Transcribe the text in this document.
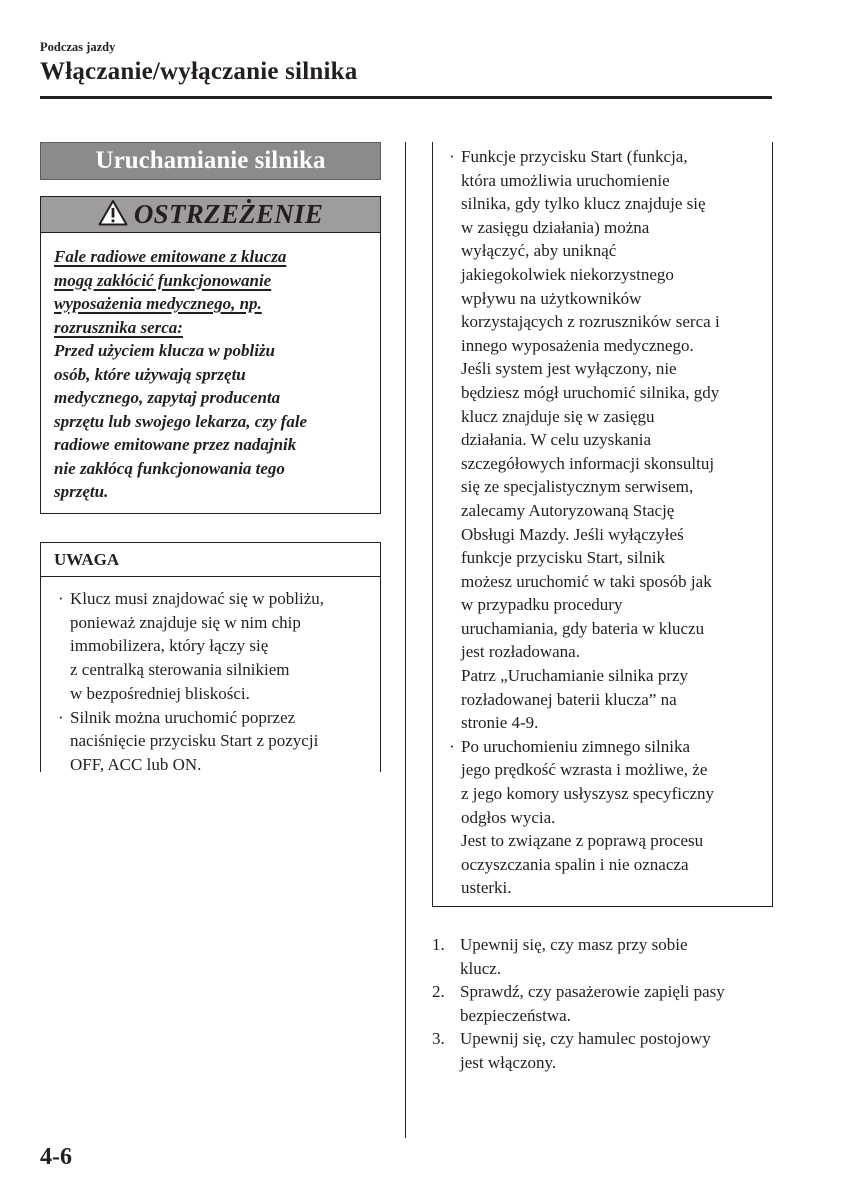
Podczas jazdy
Włączanie/wyłączanie silnika
Uruchamianie silnika
OSTRZEŻENIE
Fale radiowe emitowane z klucza
mogą zakłócić funkcjonowanie
wyposażenia medycznego, np.
rozrusznika serca:
Przed użyciem klucza w pobliżu
osób, które używają sprzętu
medycznego, zapytaj producenta
sprzętu lub swojego lekarza, czy fale
radiowe emitowane przez nadajnik
nie zakłócą funkcjonowania tego
sprzętu.
UWAGA
· Klucz musi znajdować się w pobliżu,
ponieważ znajduje się w nim chip
immobilizera, który łączy się
z centralką sterowania silnikiem
w bezpośredniej bliskości.
· Silnik można uruchomić poprzez
naciśnięcie przycisku Start z pozycji
OFF, ACC lub ON.
· Funkcje przycisku Start (funkcja,
która umożliwia uruchomienie
silnika, gdy tylko klucz znajduje się
w zasięgu działania) można
wyłączyć, aby uniknąć
jakiegokolwiek niekorzystnego
wpływu na użytkowników
korzystających z rozruszników serca i
innego wyposażenia medycznego.
Jeśli system jest wyłączony, nie
będziesz mógł uruchomić silnika, gdy
klucz znajduje się w zasięgu
działania. W celu uzyskania
szczegółowych informacji skonsultuj
się ze specjalistycznym serwisem,
zalecamy Autoryzowaną Stację
Obsługi Mazdy. Jeśli wyłączyłeś
funkcje przycisku Start, silnik
możesz uruchomić w taki sposób jak
w przypadku procedury
uruchamiania, gdy bateria w kluczu
jest rozładowana.
Patrz „Uruchamianie silnika przy
rozładowanej baterii klucza” na
stronie 4-9.
· Po uruchomieniu zimnego silnika
jego prędkość wzrasta i możliwe, że
z jego komory usłyszysz specyficzny
odgłos wycia.
Jest to związane z poprawą procesu
oczyszczania spalin i nie oznacza
usterki.
1. Upewnij się, czy masz przy sobie
klucz.
2. Sprawdź, czy pasażerowie zapięli pasy
bezpieczeństwa.
3. Upewnij się, czy hamulec postojowy
jest włączony.
4-6
